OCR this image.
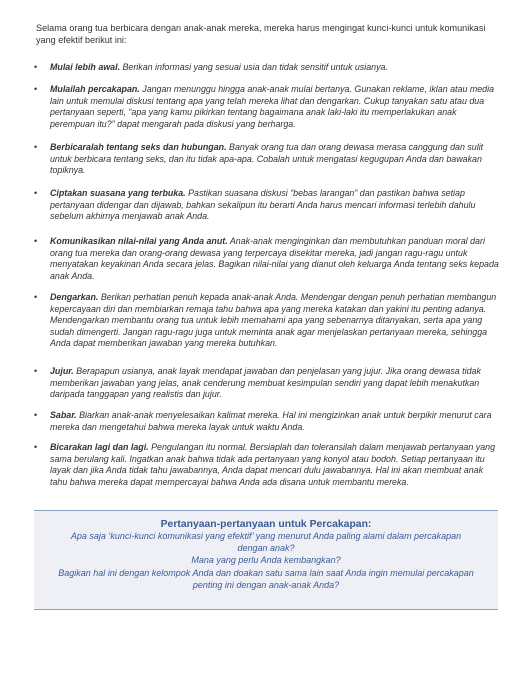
Selama orang tua berbicara dengan anak-anak mereka, mereka harus mengingat kunci-kunci untuk komunikasi yang efektif berikut ini:
• Mulai lebih awal. Berikan informasi yang sesuai usia dan tidak sensitif untuk usianya.
• Mulailah percakapan. Jangan menunggu hingga anak-anak mulai bertanya. Gunakan reklame, iklan atau media lain untuk memulai diskusi tentang apa yang telah mereka lihat dan dengarkan. Cukup tanyakan satu atau dua pertanyaan seperti, “apa yang kamu pikirkan tentang bagaimana anak laki-laki itu memperlakukan anak perempuan itu?” dapat mengarah pada diskusi yang berharga.
• Berbicaralah tentang seks dan hubungan. Banyak orang tua dan orang dewasa merasa canggung dan sulit untuk berbicara tentang seks, dan itu tidak apa-apa. Cobalah untuk mengatasi kegugupan Anda dan bawakan topiknya.
• Ciptakan suasana yang terbuka. Pastikan suasana diskusi “bebas larangan” dan pastikan bahwa setiap pertanyaan didengar dan dijawab, bahkan sekalipun itu berarti Anda harus mencari informasi terlebih dahulu sebelum akhirnya menjawab anak Anda.
• Komunikasikan nilai-nilai yang Anda anut. Anak-anak menginginkan dan membutuhkan panduan moral dari orang tua mereka dan orang-orang dewasa yang terpercaya disekitar mereka, jadi jangan ragu-ragu untuk menyatakan keyakinan Anda secara jelas. Bagikan nilai-nilai yang dianut oleh keluarga Anda tentang seks kepada anak Anda.
• Dengarkan. Berikan perhatian penuh kepada anak-anak Anda. Mendengar dengan penuh perhatian membangun kepercayaan diri dan membiarkan remaja tahu bahwa apa yang mereka katakan dan yakini itu penting adanya. Mendengarkan membantu orang tua untuk lebih memahami apa yang sebenarnya ditanyakan, serta apa yang sudah dimengerti. Jangan ragu-ragu juga untuk meminta anak agar menjelaskan pertanyaan mereka, sehingga Anda dapat memberikan jawaban yang mereka butuhkan.
• Jujur. Berapapun usianya, anak layak mendapat jawaban dan penjelasan yang jujur. Jika orang dewasa tidak memberikan jawaban yang jelas, anak cenderung membuat kesimpulan sendiri yang dapat lebih menakutkan daripada tanggapan yang realistis dan jujur.
• Sabar. Biarkan anak-anak menyelesaikan kalimat mereka. Hal ini mengizinkan anak untuk berpikir menurut cara mereka dan mengetahui bahwa mereka layak untuk waktu Anda.
• Bicarakan lagi dan lagi. Pengulangan itu normal. Bersiaplah dan toleransilah dalam menjawab pertanyaan yang sama berulang kali. Ingatkan anak bahwa tidak ada pertanyaan yang konyol atau bodoh. Setiap pertanyaan itu layak dan jika Anda tidak tahu jawabannya, Anda dapat mencari dulu jawabannya. Hal ini akan membuat anak tahu bahwa mereka dapat mempercayai bahwa Anda ada disana untuk membantu mereka.
Pertanyaan-pertanyaan untuk Percakapan:
Apa saja ‘kunci-kunci komunikasi yang efektif’ yang menurut Anda paling alami dalam percakapan
dengan anak?
Mana yang perlu Anda kembangkan?
Bagikan hal ini dengan kelompok Anda dan doakan satu sama lain saat Anda ingin memulai percakapan
penting ini dengan anak-anak Anda?
